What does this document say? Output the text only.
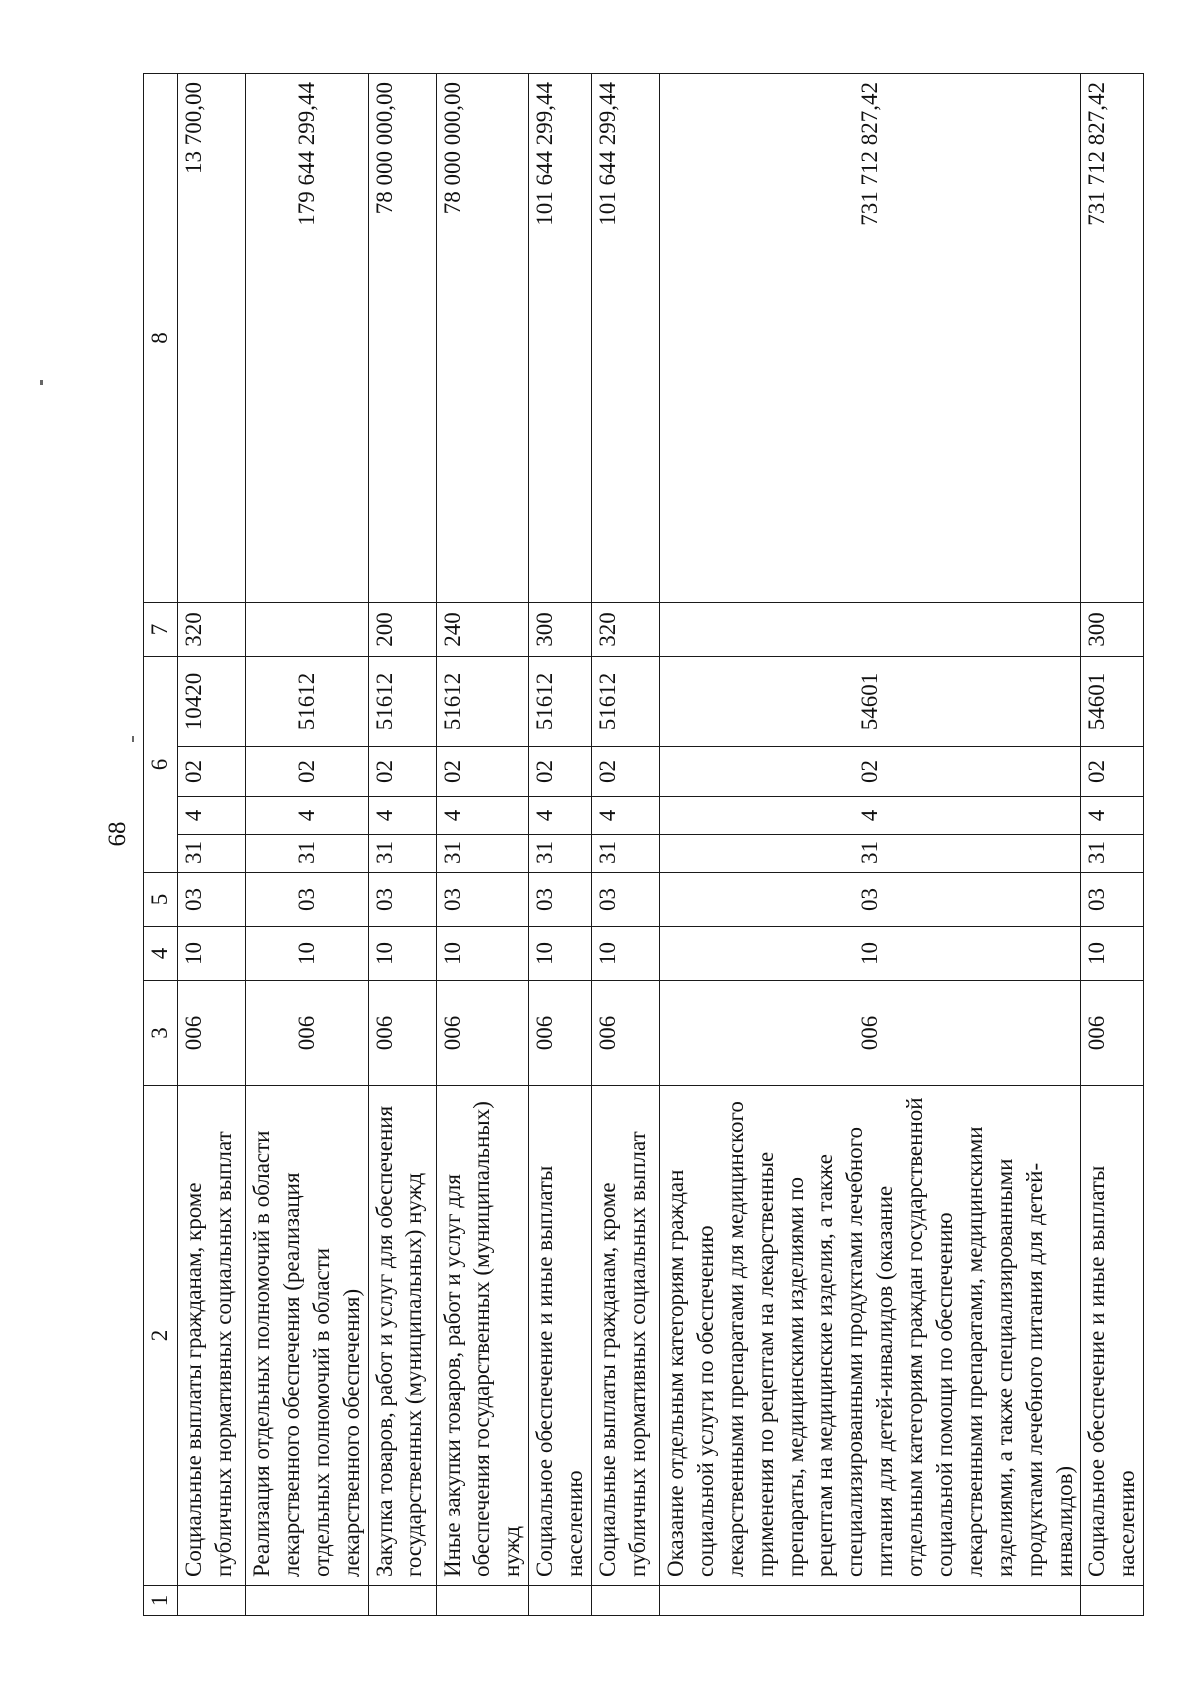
68
1	2	3	4	5	6				7	8
	Социальные выплаты гражданам, кроме публичных нормативных социальных выплат	006	10	03	31	4	02	10420	320	13 700,00
	Реализация отдельных полномочий в области лекарственного обеспечения (реализация отдельных полномочий в области лекарственного обеспечения)	006	10	03	31	4	02	51612		179 644 299,44
	Закупка товаров, работ и услуг для обеспечения государственных (муниципальных) нужд	006	10	03	31	4	02	51612	200	78 000 000,00
	Иные закупки товаров, работ и услуг для обеспечения государственных (муниципальных) нужд	006	10	03	31	4	02	51612	240	78 000 000,00
	Социальное обеспечение и иные выплаты населению	006	10	03	31	4	02	51612	300	101 644 299,44
	Социальные выплаты гражданам, кроме публичных нормативных социальных выплат	006	10	03	31	4	02	51612	320	101 644 299,44
	Оказание отдельным категориям граждан социальной услуги по обеспечению лекарственными препаратами для медицинского применения по рецептам на лекарственные препараты, медицинскими изделиями по рецептам на медицинские изделия, а также специализированными продуктами лечебного питания для детей-инвалидов (оказание отдельным категориям граждан государственной социальной помощи по обеспечению лекарственными препаратами, медицинскими изделиями, а также специализированными продуктами лечебного питания для детей-инвалидов)	006	10	03	31	4	02	54601		731 712 827,42
	Социальное обеспечение и иные выплаты населению	006	10	03	31	4	02	54601	300	731 712 827,42
